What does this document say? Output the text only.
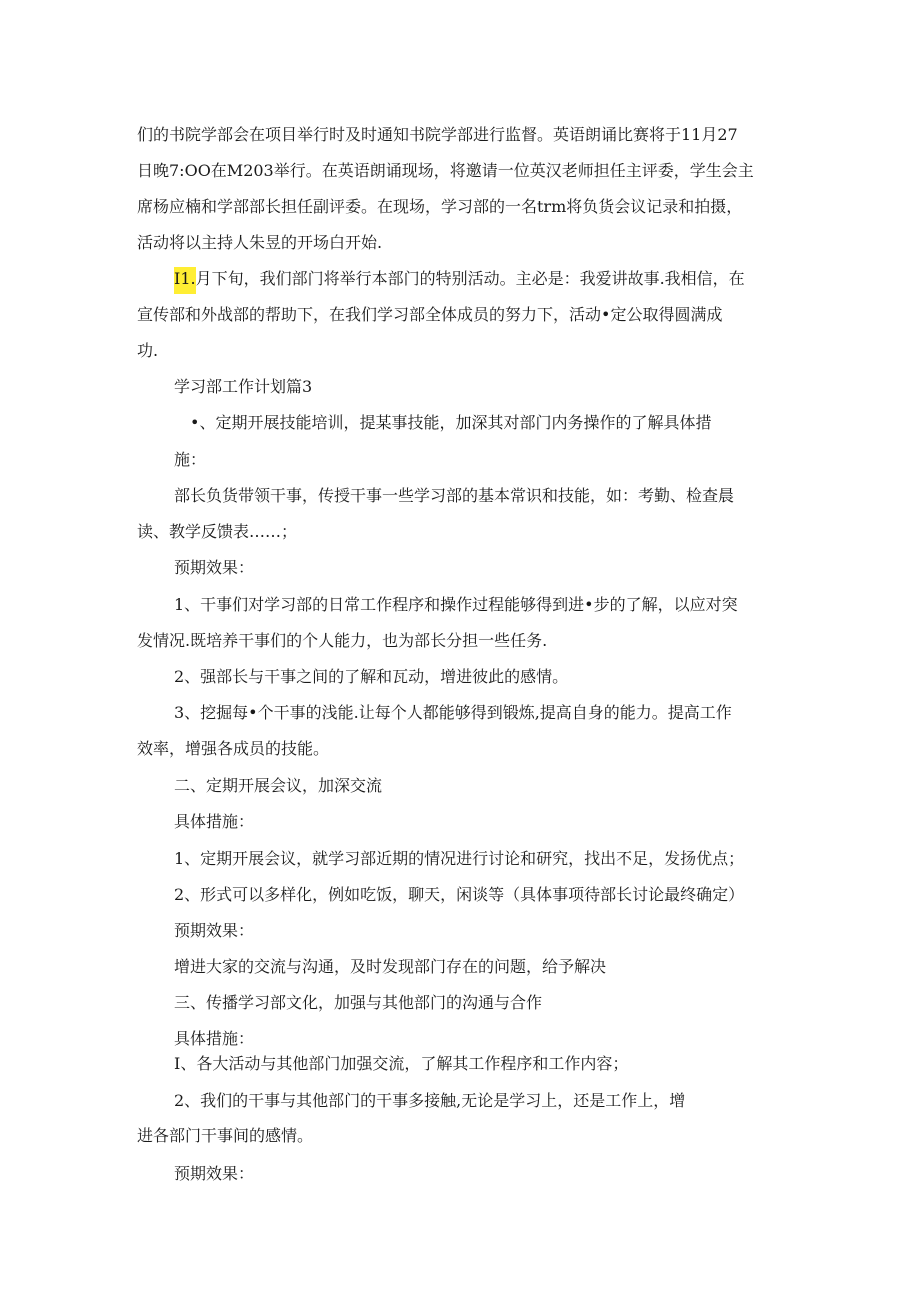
们的书院学部会在项目举行时及时通知书院学部进行监督。英语朗诵比赛将于11月27

日晚7:OO在M203举行。在英语朗诵现场，将邀请一位英汉老师担任主评委，学生会主

席杨应楠和学部部长担任副评委。在现场，学习部的一名trm将负货会议记录和拍摄，

活动将以主持人朱昱的开场白开始.

I1.月下旬，我们部门将举行本部门的特别活动。主必是：我爱讲故事.我相信，在

宣传部和外战部的帮助下，在我们学习部全体成员的努力下，活动•定公取得圆满成

功.

学习部工作计划篇3

•、定期开展技能培训，提某事技能，加深其对部门内务操作的了解具体措

施：

部长负货带领干事，传授干事一些学习部的基本常识和技能，如：考勤、检查晨

读、教学反馈表……；

预期效果：

1、干事们对学习部的日常工作程序和操作过程能够得到进•步的了解，以应对突

发情况.既培养干事们的个人能力，也为部长分担一些任务.

2、强部长与干事之间的了解和瓦动，增进彼此的感情。

3、挖掘每•个干事的浅能.让每个人都能够得到锻炼,提高自身的能力。提高工作

效率，增强各成员的技能。

二、定期开展会议，加深交流

具体措施：

1、定期开展会议，就学习部近期的情况进行讨论和研究，找出不足，发扬优点；

2、形式可以多样化，例如吃饭，聊天，闲谈等（具体事项待部长讨论最终确定）

预期效果：

增进大家的交流与沟通，及时发现部门存在的问题，给予解决

三、传播学习部文化，加强与其他部门的沟通与合作

具体措施：

I、各大活动与其他部门加强交流，了解其工作程序和工作内容；

2、我们的干事与其他部门的干事多接触,无论是学习上，还是工作上，增

进各部门干事间的感情。

预期效果：
